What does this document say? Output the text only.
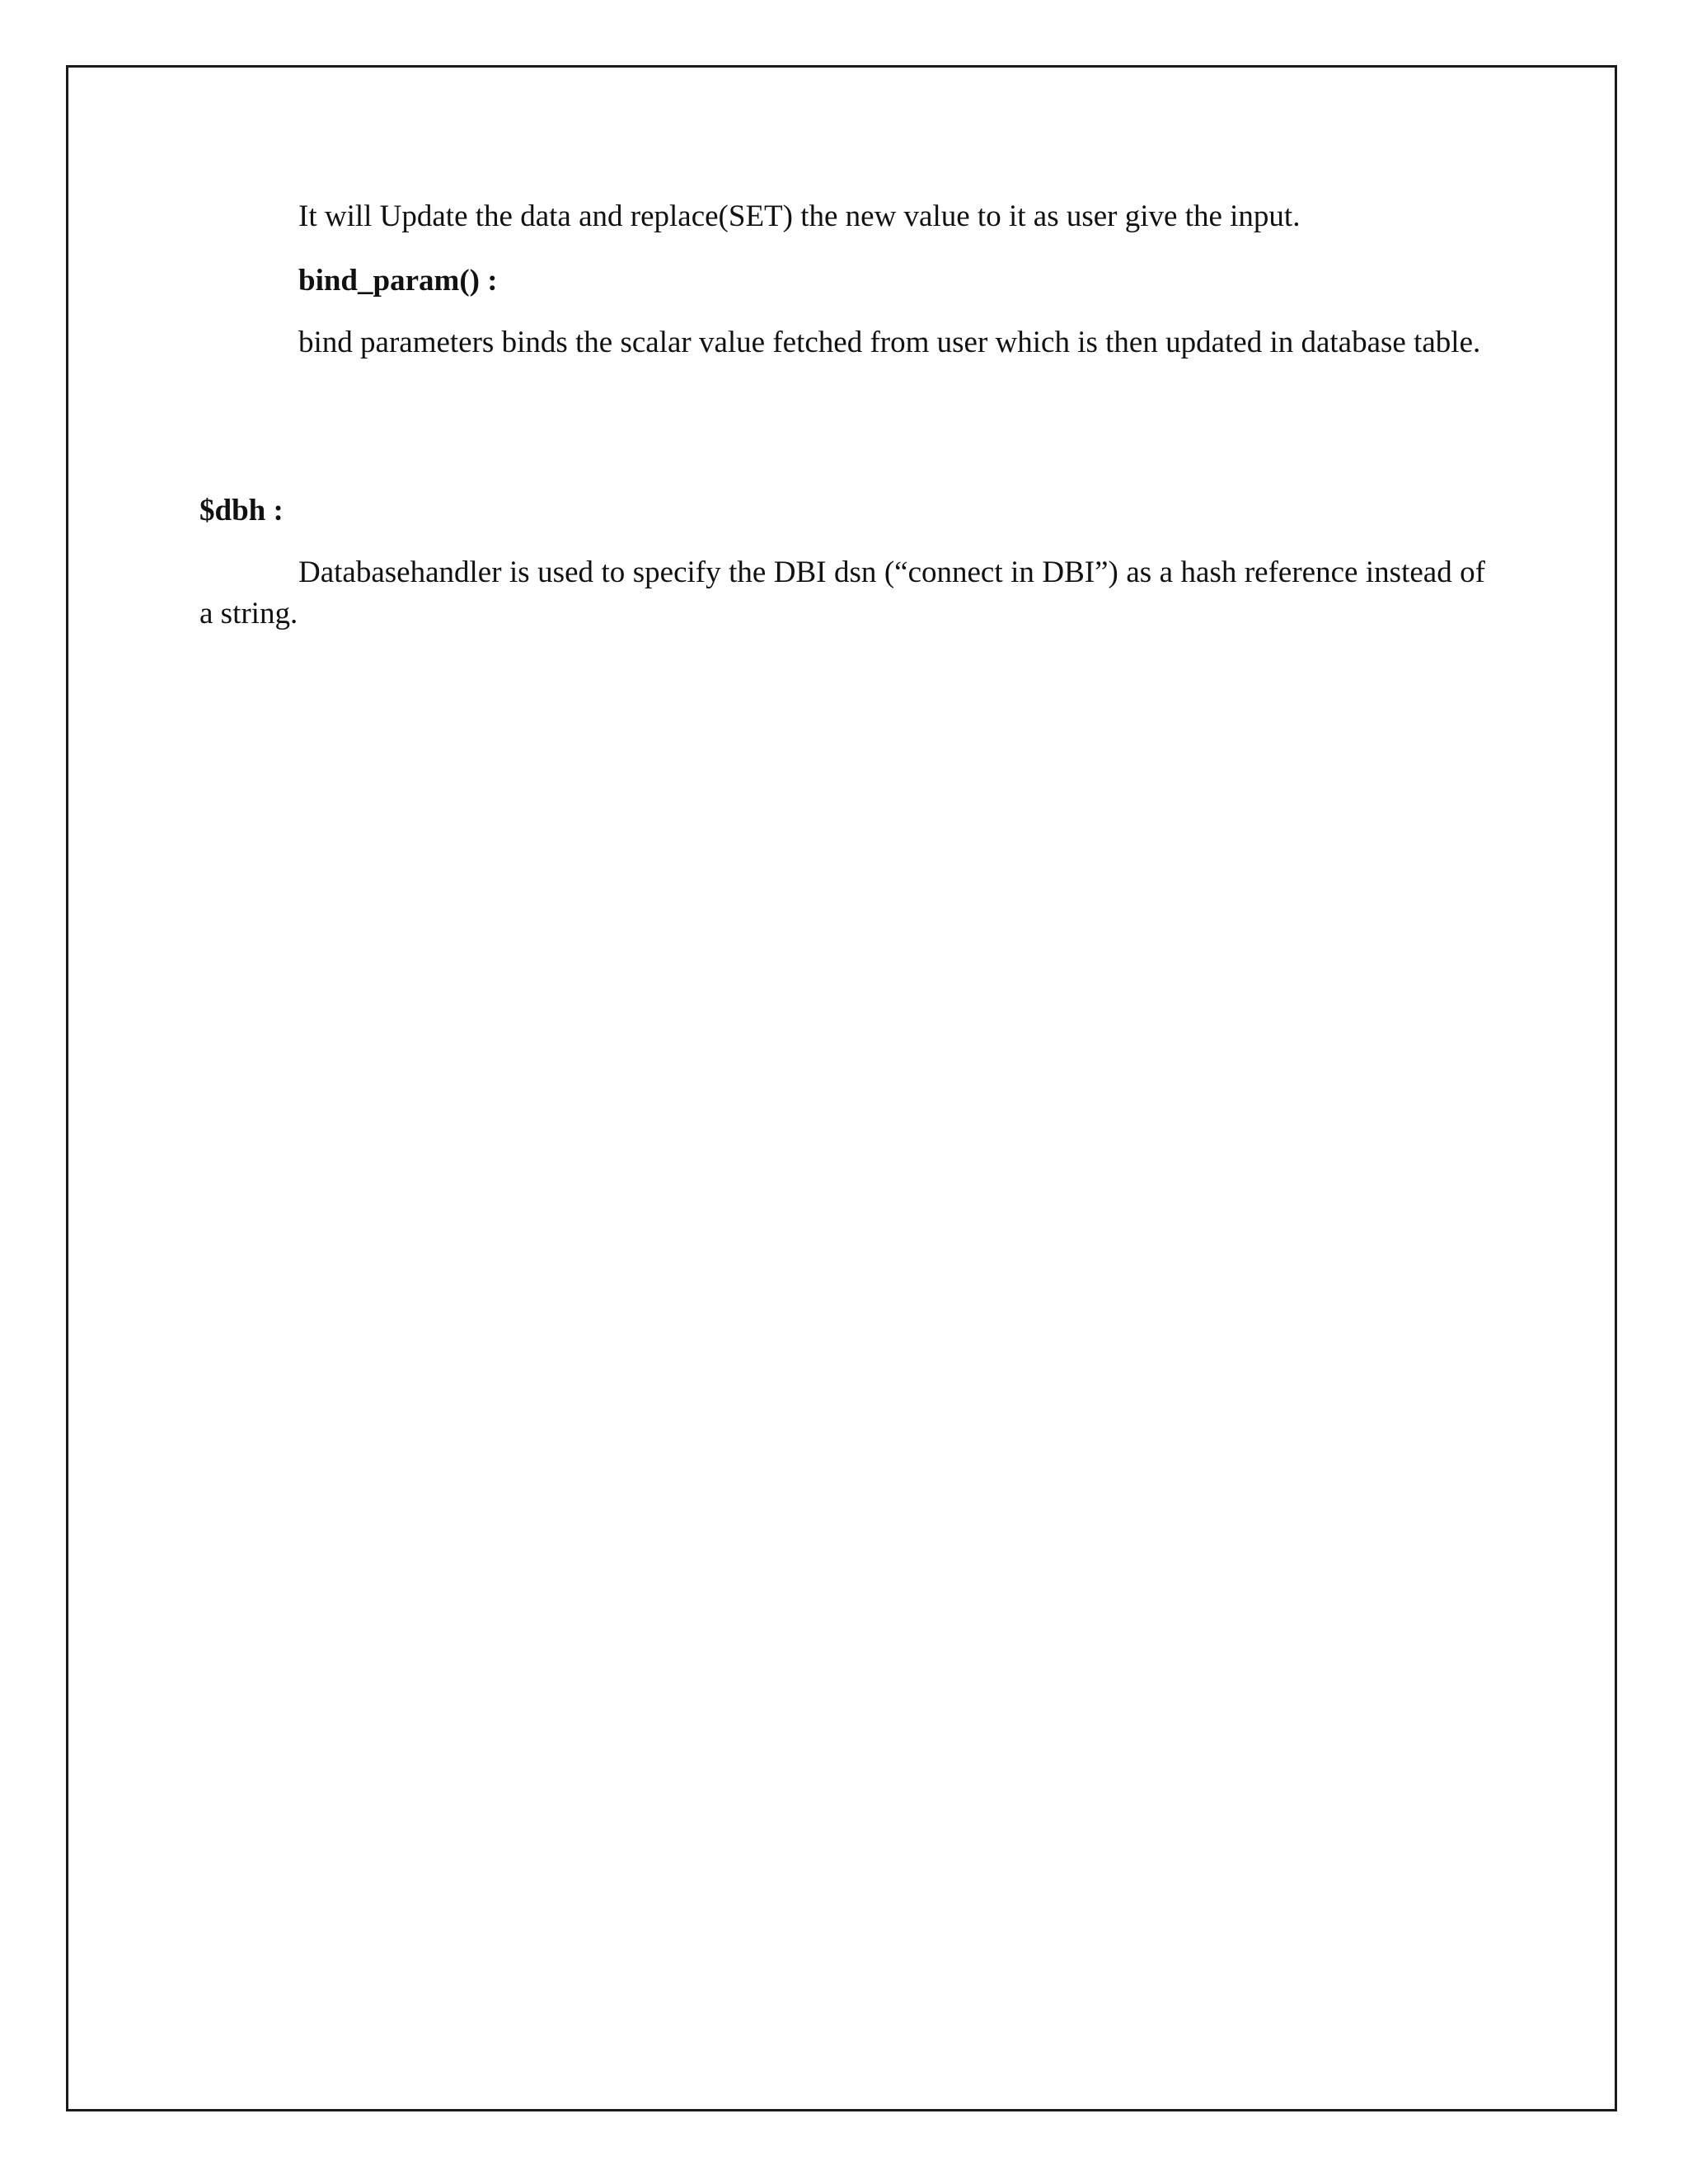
It will Update the data and replace(SET) the new value to it as user give the input.
bind_param() :
bind parameters binds the scalar value fetched from user which is then updated in database table.
$dbh :
Databasehandler is used to specify the DBI dsn (“connect in DBI”) as a hash reference instead of a string.
